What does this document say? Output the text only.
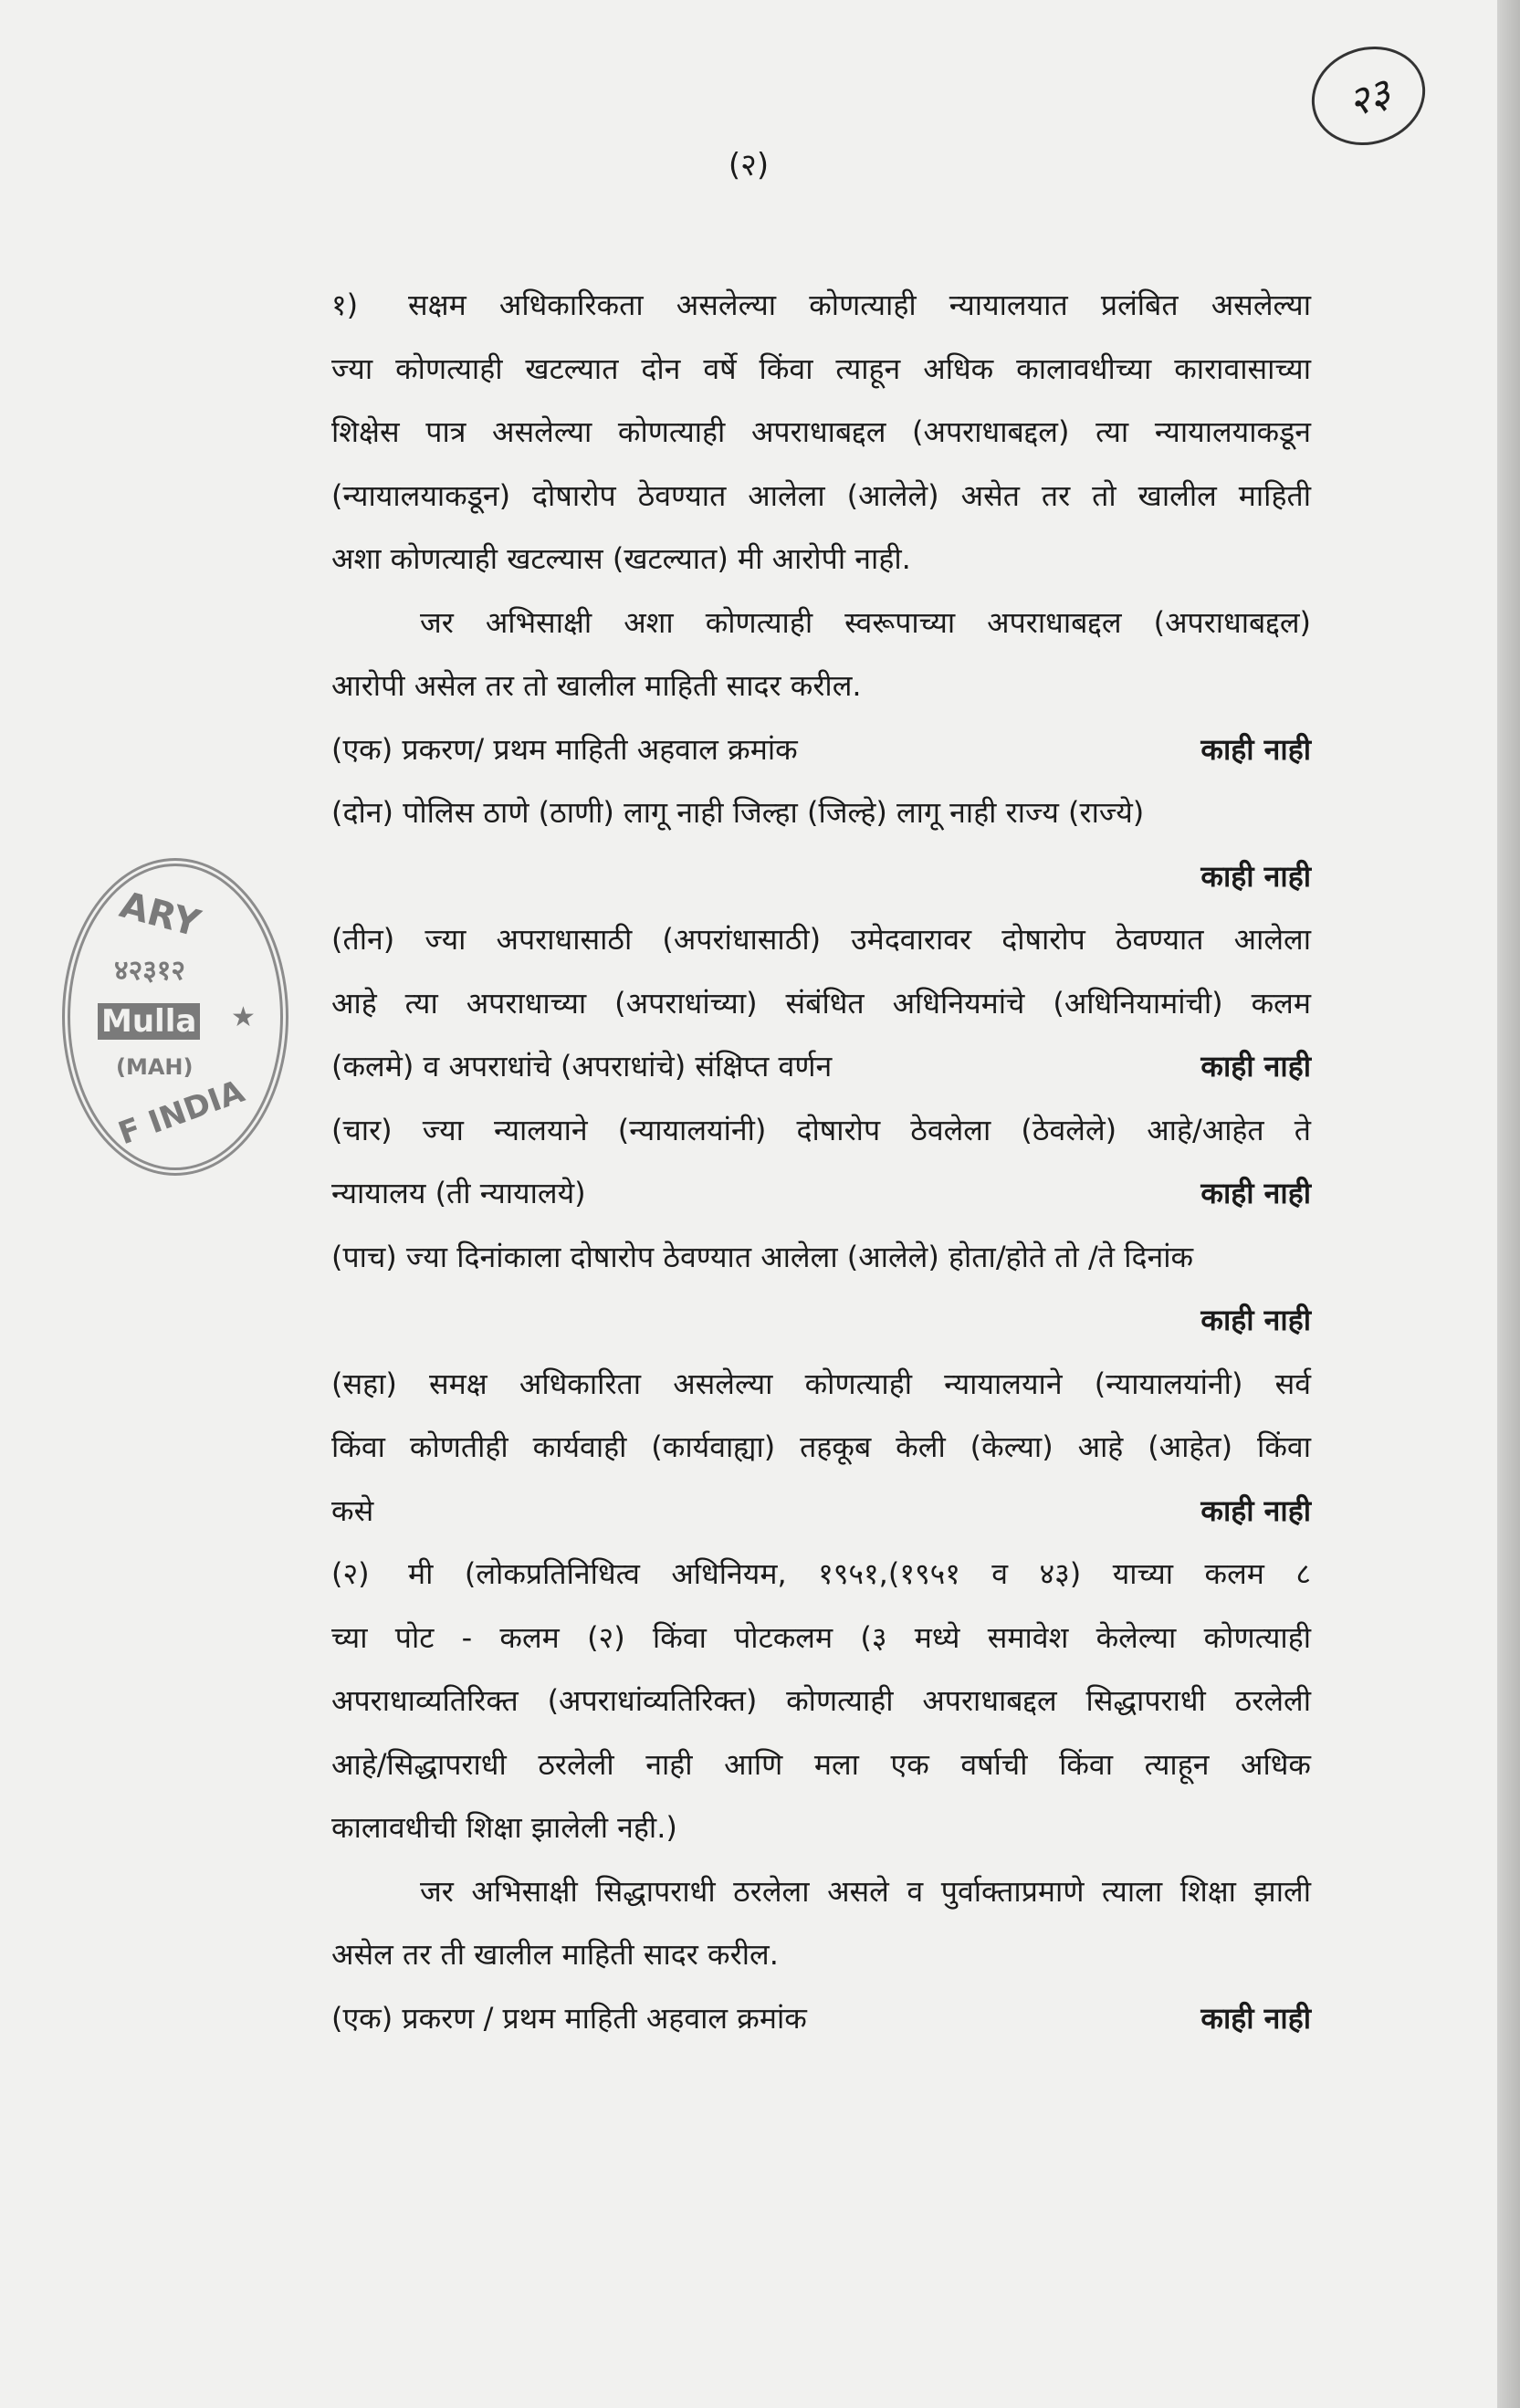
२३
(२)
ARY
४२३१२
Mulla ★
(MAH)
F INDIA
१) सक्षम अधिकारिकता असलेल्या कोणत्याही न्यायालयात प्रलंबित असलेल्या
ज्या कोणत्याही खटल्यात दोन वर्षे किंवा त्याहून अधिक कालावधीच्या कारावासाच्या
शिक्षेस पात्र असलेल्या कोणत्याही अपराधाबद्दल (अपराधाबद्दल) त्या न्यायालयाकडून
(न्यायालयाकडून) दोषारोप ठेवण्यात आलेला (आलेले) असेत तर तो खालील माहिती
अशा कोणत्याही खटल्यास (खटल्यात) मी आरोपी नाही.
जर अभिसाक्षी अशा कोणत्याही स्वरूपाच्या अपराधाबद्दल (अपराधाबद्दल)
आरोपी असेल तर तो खालील माहिती सादर करील.
(एक) प्रकरण/ प्रथम माहिती अहवाल क्रमांक	काही नाही
(दोन) पोलिस ठाणे (ठाणी) लागू नाही जिल्हा (जिल्हे) लागू नाही राज्य (राज्ये)
काही नाही
(तीन) ज्या अपराधासाठी (अपरांधासाठी) उमेदवारावर दोषारोप ठेवण्यात आलेला
आहे त्या अपराधाच्या (अपराधांच्या) संबंधित अधिनियमांचे (अधिनियामांची) कलम
(कलमे) व अपराधांचे (अपराधांचे) संक्षिप्त वर्णन	काही नाही
(चार) ज्या न्यालयाने (न्यायालयांनी) दोषारोप ठेवलेला (ठेवलेले) आहे/आहेत ते
न्यायालय (ती न्यायालये)	काही नाही
(पाच) ज्या दिनांकाला दोषारोप ठेवण्यात आलेला (आलेले) होता/होते तो /ते दिनांक
काही नाही
(सहा) समक्ष अधिकारिता असलेल्या कोणत्याही न्यायालयाने (न्यायालयांनी) सर्व
किंवा कोणतीही कार्यवाही (कार्यवाह्या) तहकूब केली (केल्या) आहे (आहेत) किंवा
कसे	काही नाही
(२) मी (लोकप्रतिनिधित्व अधिनियम, १९५१,(१९५१ व ४३) याच्या कलम ८
च्या पोट - कलम (२) किंवा पोटकलम (३ मध्ये समावेश केलेल्या कोणत्याही
अपराधाव्यतिरिक्त (अपराधांव्यतिरिक्त) कोणत्याही अपराधाबद्दल सिद्धापराधी ठरलेली
आहे/सिद्धापराधी ठरलेली नाही आणि मला एक वर्षाची किंवा त्याहून अधिक
कालावधीची शिक्षा झालेली नही.)
जर अभिसाक्षी सिद्धापराधी ठरलेला असले व पुर्वाक्ताप्रमाणे त्याला शिक्षा झाली
असेल तर ती खालील माहिती सादर करील.
(एक) प्रकरण / प्रथम माहिती अहवाल क्रमांक	काही नाही
